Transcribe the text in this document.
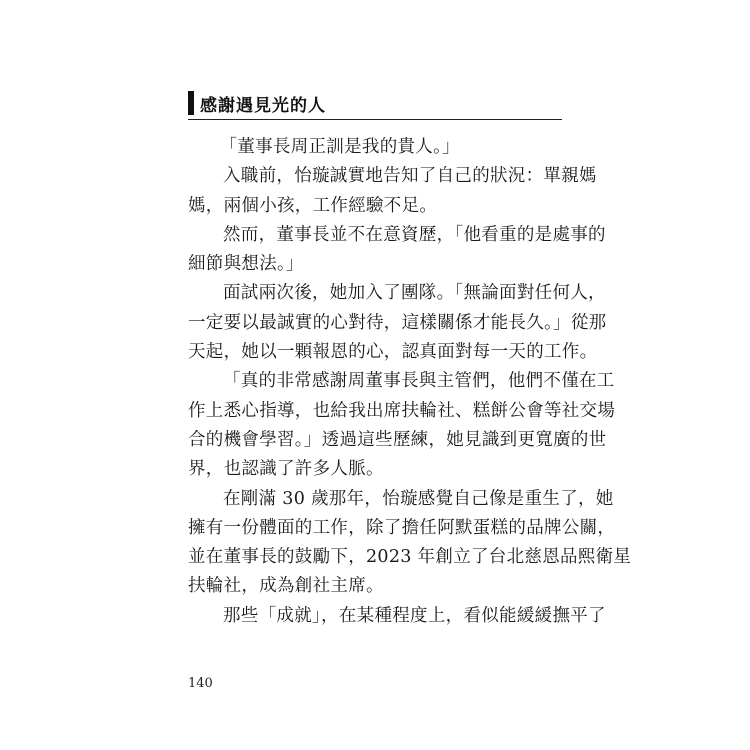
感謝遇見光的人

「董事長周正訓是我的貴人。」

入職前，怡璇誠實地告知了自己的狀況：單親媽
媽，兩個小孩，工作經驗不足。

然而，董事長並不在意資歷，「他看重的是處事的
細節與想法。」

面試兩次後，她加入了團隊。「無論面對任何人，
一定要以最誠實的心對待，這樣關係才能長久。」從那
天起，她以一顆報恩的心，認真面對每一天的工作。

「真的非常感謝周董事長與主管們，他們不僅在工
作上悉心指導，也給我出席扶輪社、糕餅公會等社交場
合的機會學習。」透過這些歷練，她見識到更寬廣的世
界，也認識了許多人脈。

在剛滿 30 歲那年，怡璇感覺自己像是重生了，她
擁有一份體面的工作，除了擔任阿默蛋糕的品牌公關，
並在董事長的鼓勵下，2023 年創立了台北慈恩品熙衛星
扶輪社，成為創社主席。

那些「成就」，在某種程度上，看似能緩緩撫平了

140
